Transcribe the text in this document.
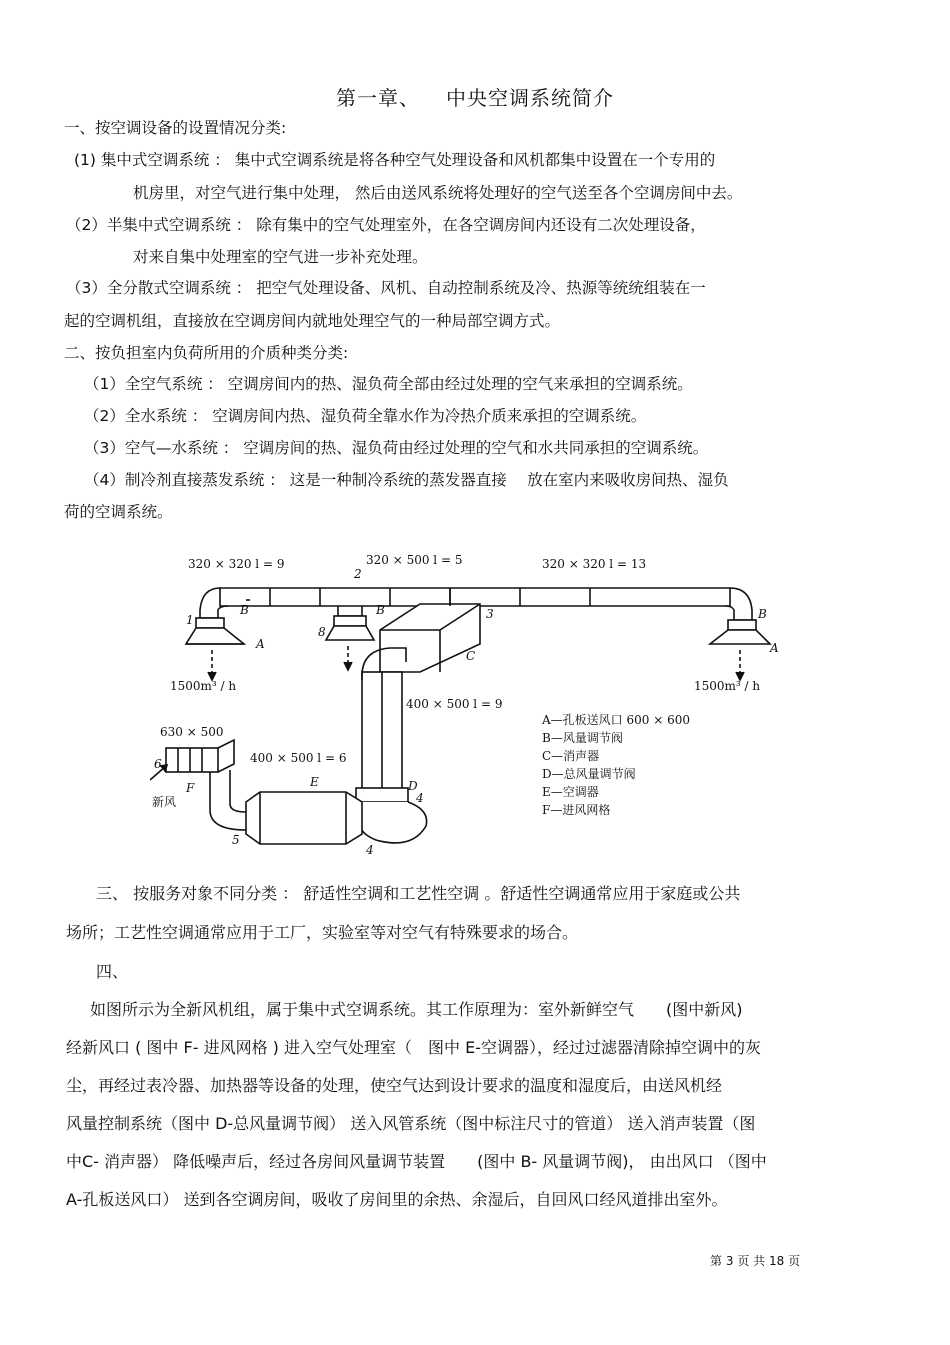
第一章、 中央空调系统简介
一、按空调设备的设置情况分类:
(1) 集中式空调系统 ： 集中式空调系统是将各种空气处理设备和风机都集中设置在一个专用的
机房里，对空气进行集中处理， 然后由送风系统将处理好的空气送至各个空调房间中去。
（2）半集中式空调系统 ： 除有集中的空气处理室外，在各空调房间内还设有二次处理设备，
对来自集中处理室的空气进一步补充处理。
（3）全分散式空调系统 ： 把空气处理设备、风机、自动控制系统及冷、热源等统统组装在一
起的空调机组，直接放在空调房间内就地处理空气的一种局部空调方式。
二、按负担室内负荷所用的介质种类分类:
（1）全空气系统 ： 空调房间内的热、湿负荷全部由经过处理的空气来承担的空调系统。
（2）全水系统 ： 空调房间内热、湿负荷全靠水作为冷热介质来承担的空调系统。
（3）空气—水系统 ： 空调房间的热、湿负荷由经过处理的空气和水共同承担的空调系统。
（4）制冷剂直接蒸发系统 ： 这是一种制冷系统的蒸发器直接　 放在室内来吸收房间热、湿负
荷的空调系统。
320 × 320 l = 9	320 × 500 l = 5	320 × 320 l = 13
400 × 500 l = 9
400 × 500 l = 6
630 × 500
1500m³ / h	1500m³ / h
新风
1
2
3
4
4
5
6
8
A	A
B	B	B
C
D
E
F
A—孔板送风口 600 × 600
B—风量调节阀
C—消声器
D—总风量调节阀
E—空调器
F—进风网格
三、 按服务对象不同分类 ： 舒适性空调和工艺性空调 。舒适性空调通常应用于家庭或公共
场所；工艺性空调通常应用于工厂，实验室等对空气有特殊要求的场合。
四、
如图所示为全新风机组，属于集中式空调系统。其工作原理为：室外新鲜空气　　(图中新风)
经新风口 ( 图中 F- 进风网格 ) 进入空气处理室（　图中 E-空调器），经过过滤器清除掉空调中的灰
尘，再经过表冷器、加热器等设备的处理，使空气达到设计要求的温度和湿度后，由送风机经
风量控制系统（图中 D-总风量调节阀） 送入风管系统（图中标注尺寸的管道） 送入消声装置（图
中C- 消声器） 降低噪声后，经过各房间风量调节装置　　(图中 B- 风量调节阀)， 由出风口 （图中
A-孔板送风口） 送到各空调房间，吸收了房间里的余热、余湿后，自回风口经风道排出室外。
第 3 页 共 18 页
